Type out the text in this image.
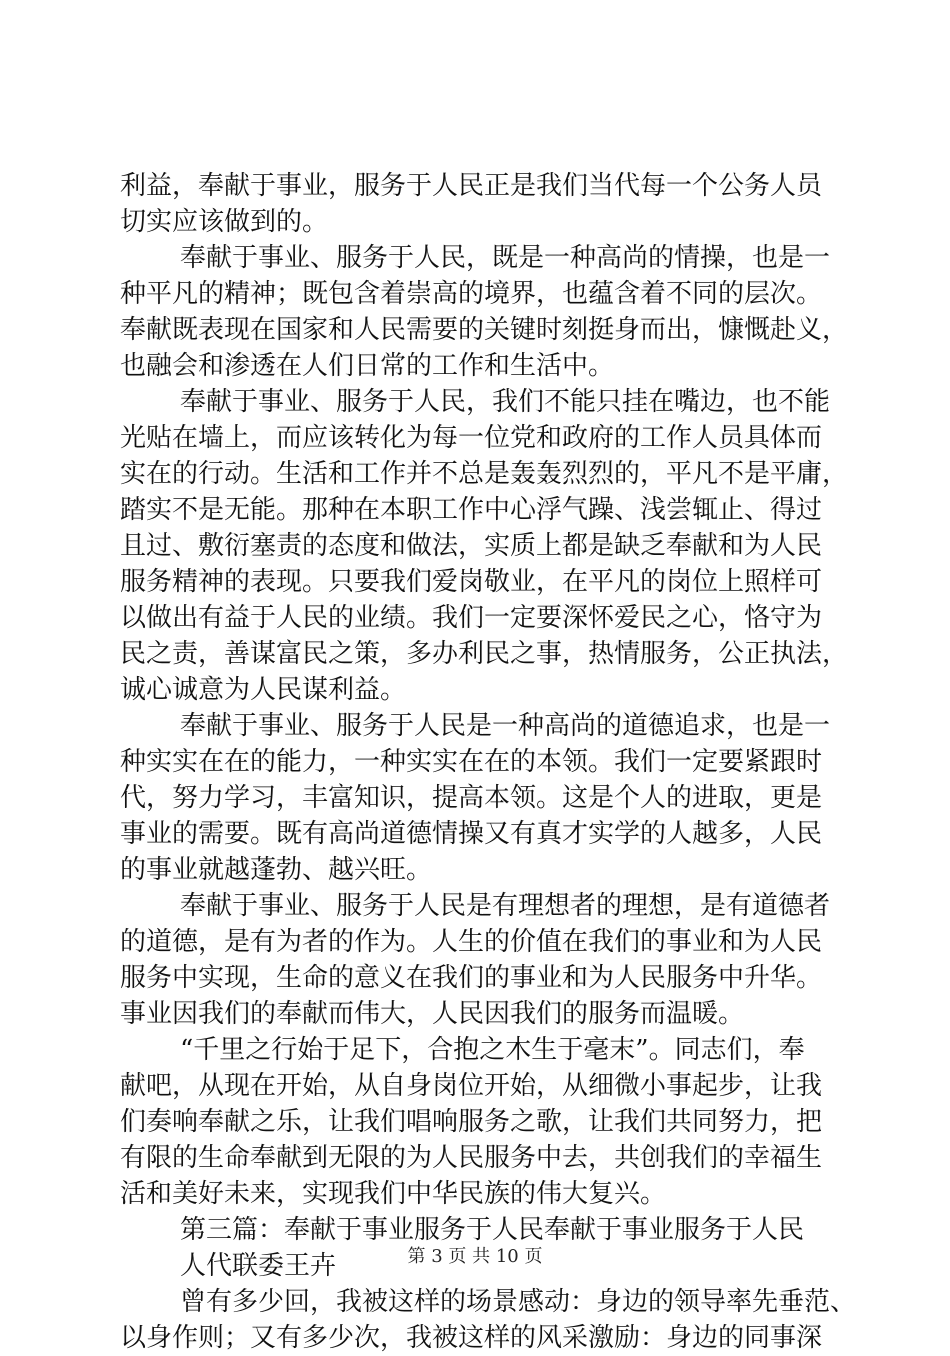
利益，奉献于事业，服务于人民正是我们当代每一个公务人员
切实应该做到的。
奉献于事业、服务于人民，既是一种高尚的情操，也是一
种平凡的精神；既包含着崇高的境界，也蕴含着不同的层次。
奉献既表现在国家和人民需要的关键时刻挺身而出，慷慨赴义，
也融会和渗透在人们日常的工作和生活中。
奉献于事业、服务于人民，我们不能只挂在嘴边，也不能
光贴在墙上，而应该转化为每一位党和政府的工作人员具体而
实在的行动。生活和工作并不总是轰轰烈烈的，平凡不是平庸，
踏实不是无能。那种在本职工作中心浮气躁、浅尝辄止、得过
且过、敷衍塞责的态度和做法，实质上都是缺乏奉献和为人民
服务精神的表现。只要我们爱岗敬业，在平凡的岗位上照样可
以做出有益于人民的业绩。我们一定要深怀爱民之心，恪守为
民之责，善谋富民之策，多办利民之事，热情服务，公正执法，
诚心诚意为人民谋利益。
奉献于事业、服务于人民是一种高尚的道德追求，也是一
种实实在在的能力，一种实实在在的本领。我们一定要紧跟时
代，努力学习，丰富知识，提高本领。这是个人的进取，更是
事业的需要。既有高尚道德情操又有真才实学的人越多，人民
的事业就越蓬勃、越兴旺。
奉献于事业、服务于人民是有理想者的理想，是有道德者
的道德，是有为者的作为。人生的价值在我们的事业和为人民
服务中实现，生命的意义在我们的事业和为人民服务中升华。
事业因我们的奉献而伟大，人民因我们的服务而温暖。
“千里之行始于足下，合抱之木生于毫末”。同志们，奉
献吧，从现在开始，从自身岗位开始，从细微小事起步，让我
们奏响奉献之乐，让我们唱响服务之歌，让我们共同努力，把
有限的生命奉献到无限的为人民服务中去，共创我们的幸福生
活和美好未来，实现我们中华民族的伟大复兴。
第三篇：奉献于事业服务于人民奉献于事业服务于人民
人代联委王卉
曾有多少回，我被这样的场景感动：身边的领导率先垂范、
以身作则；又有多少次，我被这样的风采激励：身边的同事深
第 3 页 共 10 页
